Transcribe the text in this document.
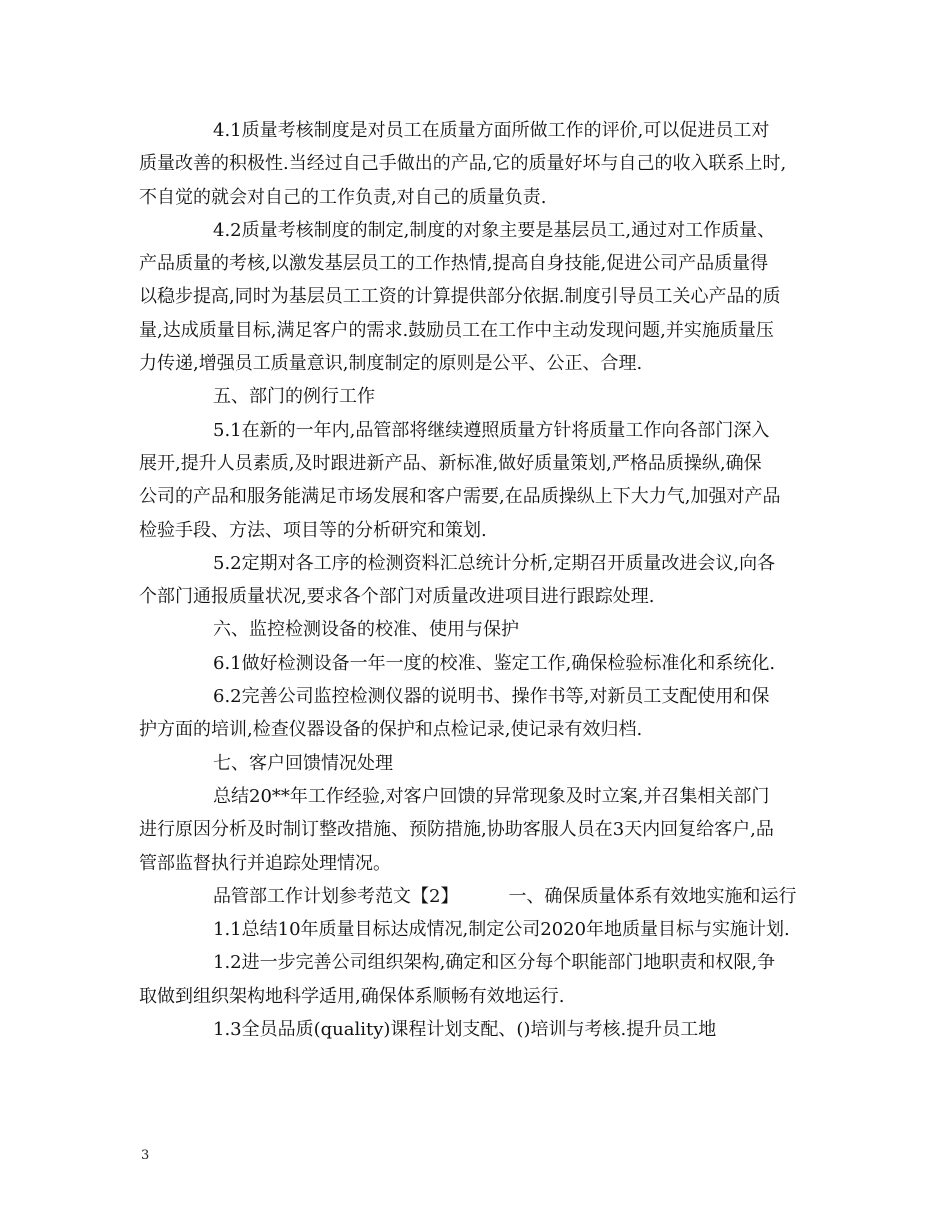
4.1质量考核制度是对员工在质量方面所做工作的评价,可以促进员工对
质量改善的积极性.当经过自己手做出的产品,它的质量好坏与自己的收入联系上时,
不自觉的就会对自己的工作负责,对自己的质量负责.

4.2质量考核制度的制定,制度的对象主要是基层员工,通过对工作质量、
产品质量的考核,以激发基层员工的工作热情,提高自身技能,促进公司产品质量得
以稳步提高,同时为基层员工工资的计算提供部分依据.制度引导员工关心产品的质
量,达成质量目标,满足客户的需求.鼓励员工在工作中主动发现问题,并实施质量压
力传递,增强员工质量意识,制度制定的原则是公平、公正、合理.

五、部门的例行工作

5.1在新的一年内,品管部将继续遵照质量方针将质量工作向各部门深入
展开,提升人员素质,及时跟进新产品、新标准,做好质量策划,严格品质操纵,确保
公司的产品和服务能满足市场发展和客户需要,在品质操纵上下大力气,加强对产品
检验手段、方法、项目等的分析研究和策划.

5.2定期对各工序的检测资料汇总统计分析,定期召开质量改进会议,向各
个部门通报质量状况,要求各个部门对质量改进项目进行跟踪处理.

六、监控检测设备的校准、使用与保护

6.1做好检测设备一年一度的校准、鉴定工作,确保检验标准化和系统化.

6.2完善公司监控检测仪器的说明书、操作书等,对新员工支配使用和保
护方面的培训,检查仪器设备的保护和点检记录,使记录有效归档.

七、客户回馈情况处理

总结20**年工作经验,对客户回馈的异常现象及时立案,并召集相关部门
进行原因分析及时制订整改措施、预防措施,协助客服人员在3天内回复给客户,品
管部监督执行并追踪处理情况。

品管部工作计划参考范文【2】	一、确保质量体系有效地实施和运行

1.1总结10年质量目标达成情况,制定公司2020年地质量目标与实施计划.

1.2进一步完善公司组织架构,确定和区分每个职能部门地职责和权限,争
取做到组织架构地科学适用,确保体系顺畅有效地运行.

1.3全员品质(quality)课程计划支配、()培训与考核.提升员工地

3
